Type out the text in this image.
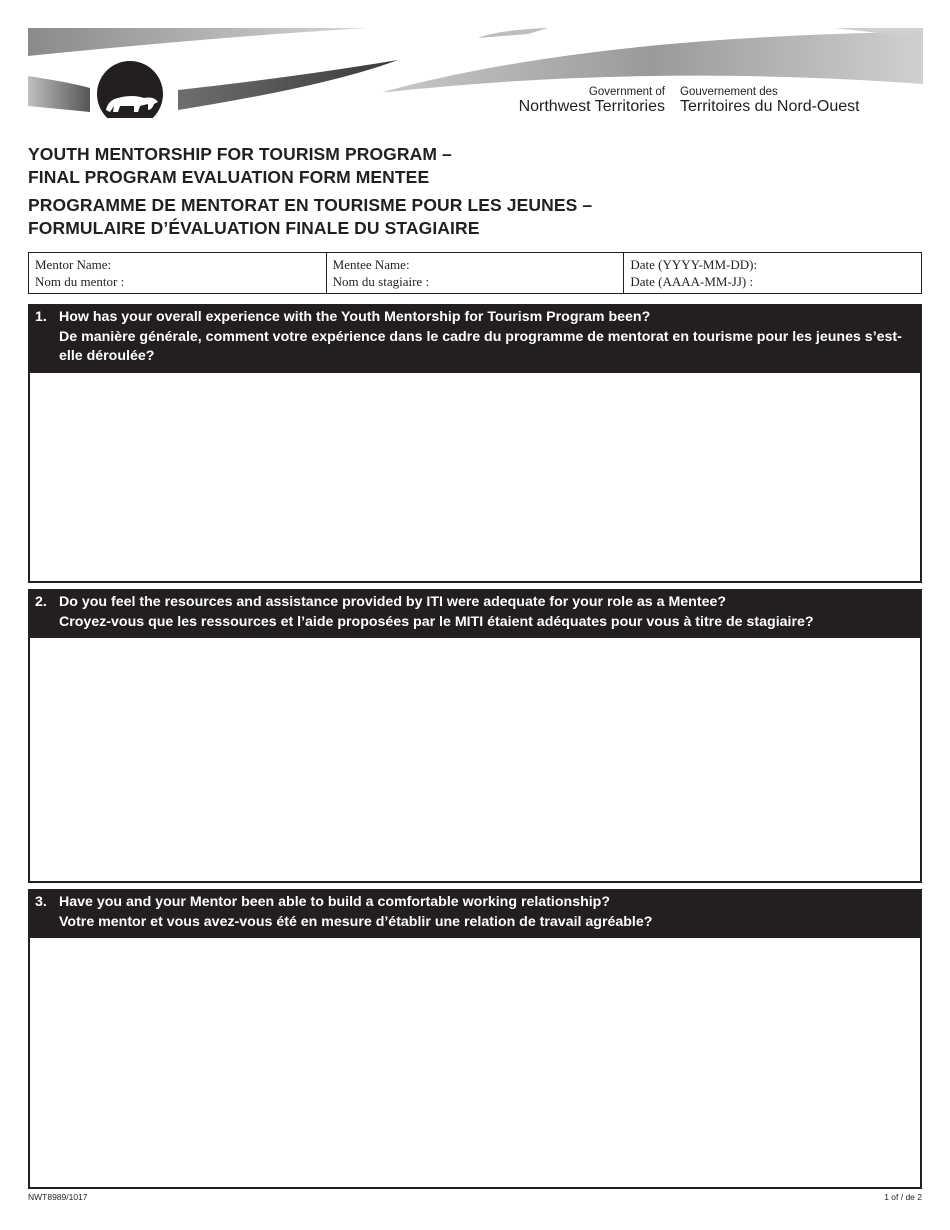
Government of
Northwest Territories
Gouvernement des
Territoires du Nord-Ouest
YOUTH MENTORSHIP FOR TOURISM PROGRAM –
FINAL PROGRAM EVALUATION FORM MENTEE
PROGRAMME DE MENTORAT EN TOURISME POUR LES JEUNES –
FORMULAIRE D’ÉVALUATION FINALE DU STAGIAIRE
Mentor Name:
Nom du mentor :
Mentee Name:
Nom du stagiaire :
Date (YYYY-MM-DD):
Date (AAAA-MM-JJ) :
1. How has your overall experience with the Youth Mentorship for Tourism Program been?
De manière générale, comment votre expérience dans le cadre du programme de mentorat en tourisme pour les jeunes s’est-elle déroulée?
2. Do you feel the resources and assistance provided by ITI were adequate for your role as a Mentee?
Croyez-vous que les ressources et l’aide proposées par le MITI étaient adéquates pour vous à titre de stagiaire?
3. Have you and your Mentor been able to build a comfortable working relationship?
Votre mentor et vous avez-vous été en mesure d’établir une relation de travail agréable?
NWT8989/1017	1 of / de 2
